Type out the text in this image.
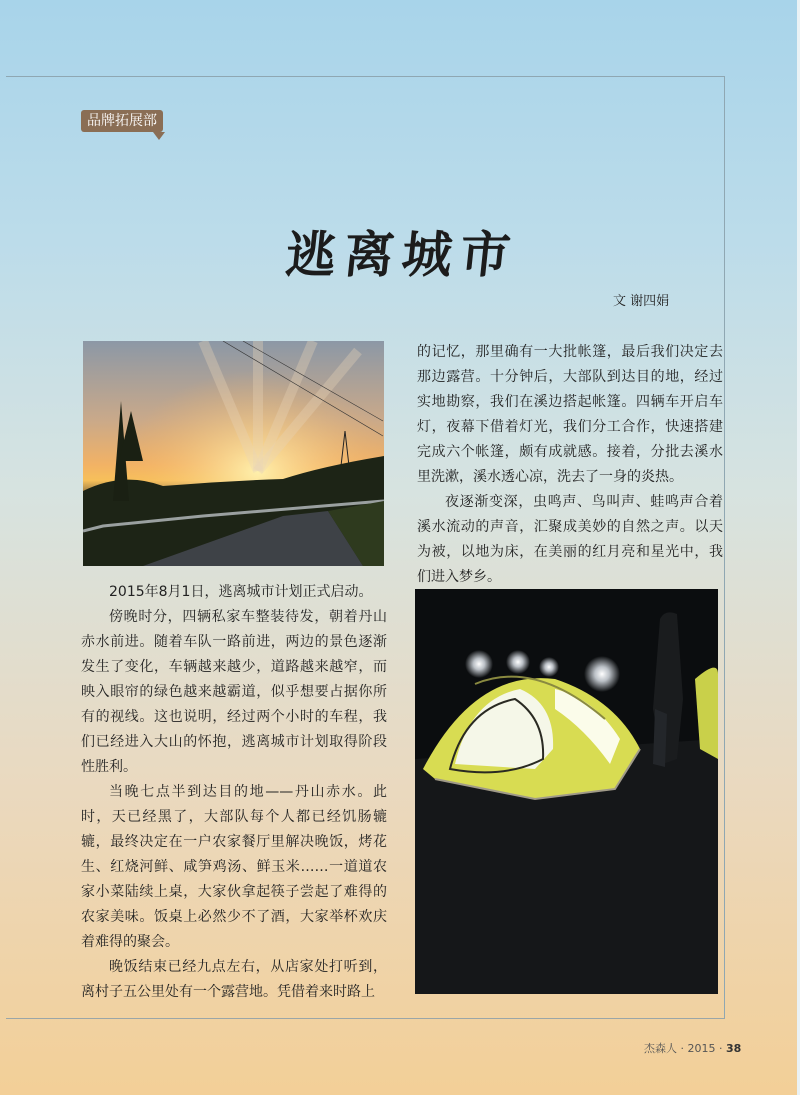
品牌拓展部
逃离城市
文 谢四娟

2015年8月1日，逃离城市计划正式启动。

傍晚时分，四辆私家车整装待发，朝着丹山赤水前进。随着车队一路前进，两边的景色逐渐发生了变化，车辆越来越少，道路越来越窄，而映入眼帘的绿色越来越霸道，似乎想要占据你所有的视线。这也说明，经过两个小时的车程，我们已经进入大山的怀抱，逃离城市计划取得阶段性胜利。

当晚七点半到达目的地——丹山赤水。此时，天已经黑了，大部队每个人都已经饥肠辘辘，最终决定在一户农家餐厅里解决晚饭，烤花生、红烧河鲜、咸笋鸡汤、鲜玉米……一道道农家小菜陆续上桌，大家伙拿起筷子尝起了难得的农家美味。饭桌上必然少不了酒，大家举杯欢庆着难得的聚会。

晚饭结束已经九点左右，从店家处打听到，离村子五公里处有一个露营地。凭借着来时路上

的记忆，那里确有一大批帐篷，最后我们决定去那边露营。十分钟后，大部队到达目的地，经过实地勘察，我们在溪边搭起帐篷。四辆车开启车灯，夜幕下借着灯光，我们分工合作，快速搭建完成六个帐篷，颇有成就感。接着，分批去溪水里洗漱，溪水透心凉，洗去了一身的炎热。

夜逐渐变深，虫鸣声、鸟叫声、蛙鸣声合着溪水流动的声音，汇聚成美妙的自然之声。以天为被，以地为床，在美丽的红月亮和星光中，我们进入梦乡。

杰森人 · 2015 · 38
